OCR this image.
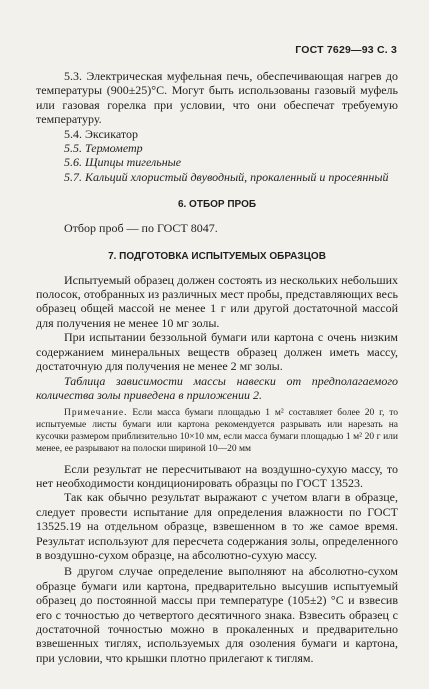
ГОСТ 7629—93 С. 3

5.3. Электрическая муфельная печь, обеспечивающая нагрев до температуры (900±25)°С. Могут быть использованы газовый муфель или газовая горелка при условии, что они обеспечат требуемую температуру.

5.4. Эксикатор

5.5. Термометр

5.6. Щипцы тигельные

5.7. Кальций хлористый двуводный, прокаленный и просеянный

6. ОТБОР ПРОБ

Отбор проб — по ГОСТ 8047.

7. ПОДГОТОВКА ИСПЫТУЕМЫХ ОБРАЗЦОВ

Испытуемый образец должен состоять из нескольких небольших полосок, отобранных из различных мест пробы, представляющих весь образец общей массой не менее 1 г или другой достаточной массой для получения не менее 10 мг золы.

При испытании беззольной бумаги или картона с очень низким содержанием минеральных веществ образец должен иметь массу, достаточную для получения не менее 2 мг золы.

Таблица зависимости массы навески от предполагаемого количества золы приведена в приложении 2.

Примечание. Если масса бумаги площадью 1 м² составляет более 20 г, то испытуемые листы бумаги или картона рекомендуется разрывать или нарезать на кусочки размером приблизительно 10×10 мм, если масса бумаги площадью 1 м² 20 г или менее, ее разрывают на полоски шириной 10—20 мм

Если результат не пересчитывают на воздушно-сухую массу, то нет необходимости кондиционировать образцы по ГОСТ 13523.

Так как обычно результат выражают с учетом влаги в образце, следует провести испытание для определения влажности по ГОСТ 13525.19 на отдельном образце, взвешенном в то же самое время. Результат используют для пересчета содержания золы, определенного в воздушно-сухом образце, на абсолютно-сухую массу.

В другом случае определение выполняют на абсолютно-сухом образце бумаги или картона, предварительно высушив испытуемый образец до постоянной массы при температуре (105±2) °С и взвесив его с точностью до четвертого десятичного знака. Взвесить образец с достаточной точностью можно в прокаленных и предварительно взвешенных тиглях, используемых для озоления бумаги и картона, при условии, что крышки плотно прилегают к тиглям.
